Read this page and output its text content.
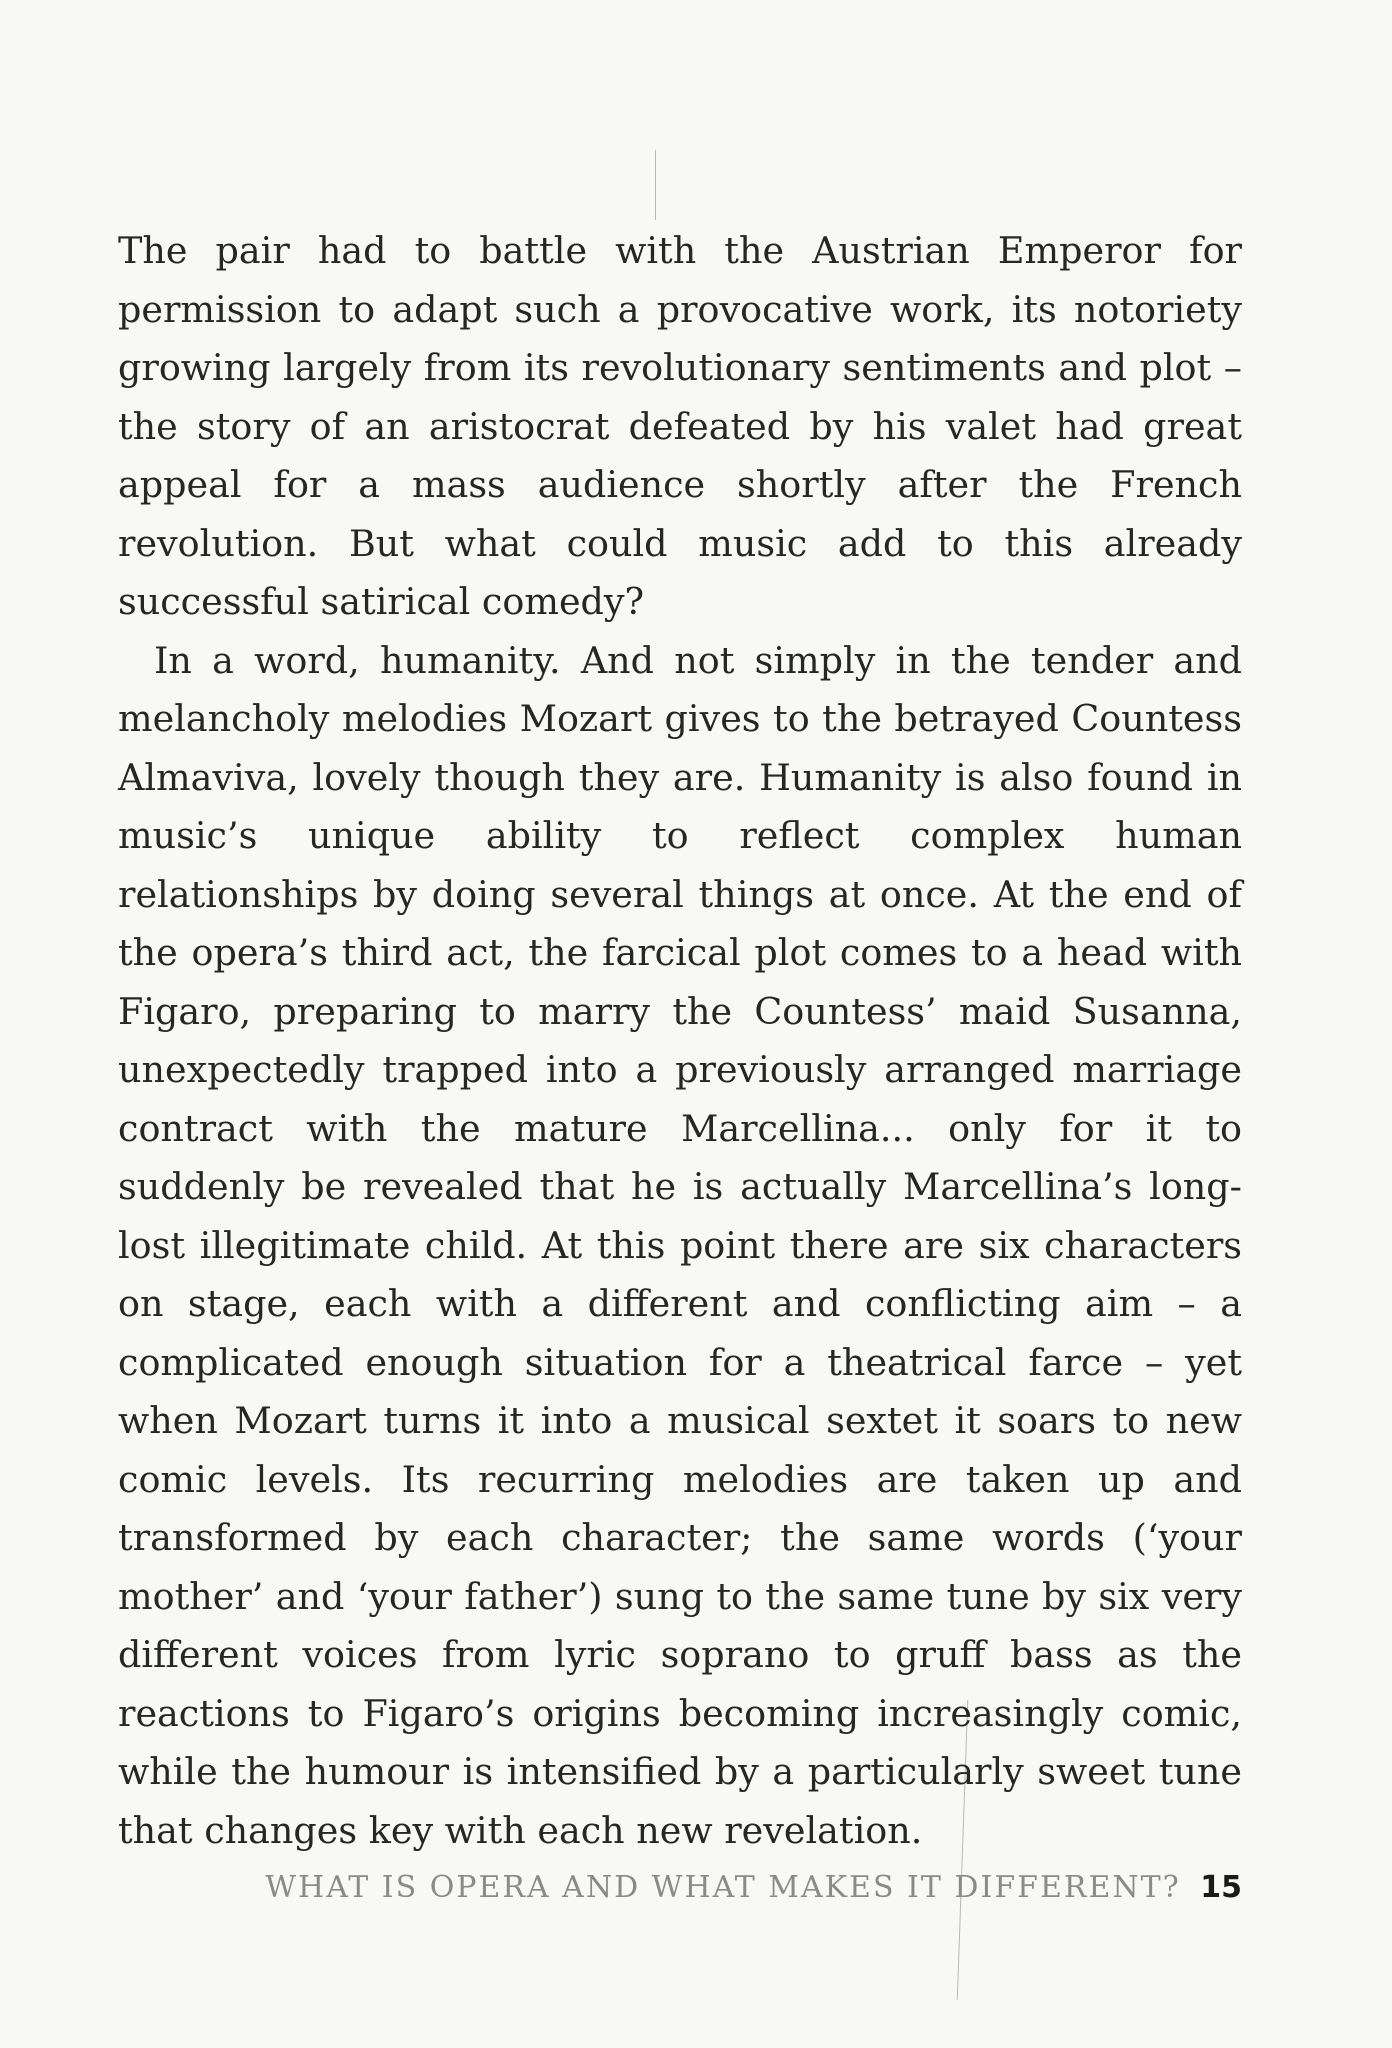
The pair had to battle with the Austrian Emperor for permission to adapt such a provocative work, its notoriety growing largely from its revolutionary sentiments and plot – the story of an aristocrat defeated by his valet had great appeal for a mass audience shortly after the French revolution. But what could music add to this already successful satirical comedy?

In a word, humanity. And not simply in the tender and melancholy melodies Mozart gives to the betrayed Countess Almaviva, lovely though they are. Humanity is also found in music’s unique ability to reflect complex human relationships by doing several things at once. At the end of the opera’s third act, the farcical plot comes to a head with Figaro, preparing to marry the Countess’ maid Susanna, unexpectedly trapped into a previously arranged marriage contract with the mature Marcellina... only for it to suddenly be revealed that he is actually Marcellina’s long-lost illegitimate child. At this point there are six characters on stage, each with a different and conflicting aim – a complicated enough situation for a theatrical farce – yet when Mozart turns it into a musical sextet it soars to new comic levels. Its recurring melodies are taken up and transformed by each character; the same words (‘your mother’ and ‘your father’) sung to the same tune by six very different voices from lyric soprano to gruff bass as the reactions to Figaro’s origins becoming increasingly comic, while the humour is intensified by a particularly sweet tune that changes key with each new revelation.

WHAT IS OPERA AND WHAT MAKES IT DIFFERENT? 15
